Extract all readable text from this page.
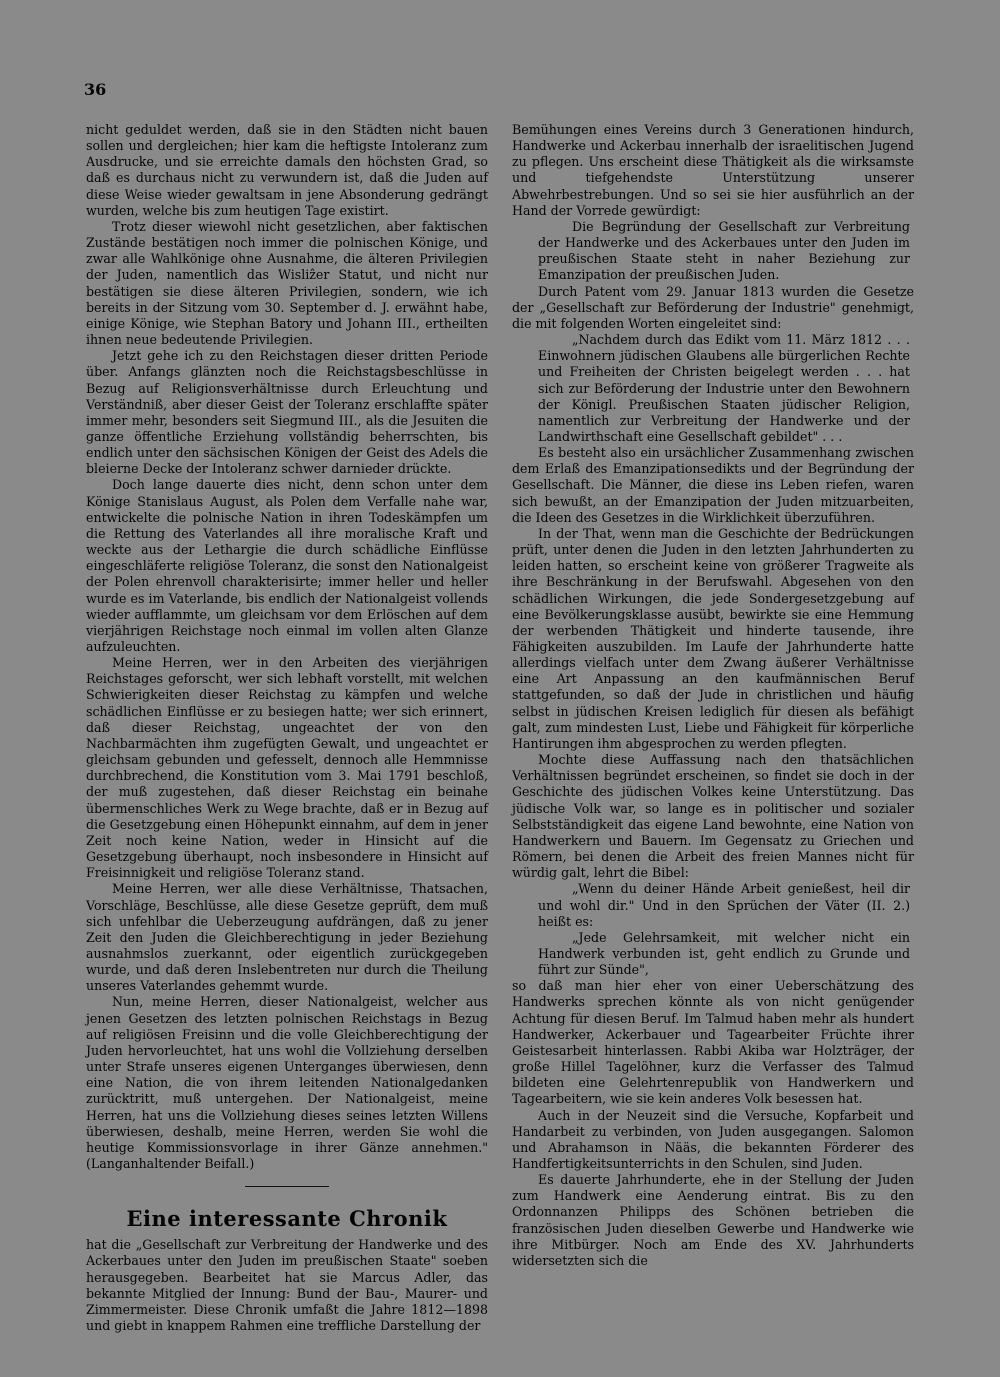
36

nicht geduldet werden, daß sie in den Städten nicht bauen sollen und dergleichen; hier kam die heftigste Intoleranz zum Ausdrucke, und sie erreichte damals den höchsten Grad, so daß es durchaus nicht zu verwundern ist, daß die Juden auf diese Weise wieder gewaltsam in jene Absonderung gedrängt wurden, welche bis zum heutigen Tage existirt.

Trotz dieser wiewohl nicht gesetzlichen, aber faktischen Zustände bestätigen noch immer die polnischen Könige, und zwar alle Wahlkönige ohne Ausnahme, die älteren Privilegien der Juden, namentlich das Wisliẑer Statut, und nicht nur bestätigen sie diese älteren Privilegien, sondern, wie ich bereits in der Sitzung vom 30. September d. J. erwähnt habe, einige Könige, wie Stephan Batory und Johann III., ertheilten ihnen neue bedeutende Privilegien.

Jetzt gehe ich zu den Reichstagen dieser dritten Periode über. Anfangs glänzten noch die Reichstagsbeschlüsse in Bezug auf Religionsverhältnisse durch Erleuchtung und Verständniß, aber dieser Geist der Toleranz erschlaffte später immer mehr, besonders seit Siegmund III., als die Jesuiten die ganze öffentliche Erziehung vollständig beherrschten, bis endlich unter den sächsischen Königen der Geist des Adels die bleierne Decke der Intoleranz schwer darnieder drückte.

Doch lange dauerte dies nicht, denn schon unter dem Könige Stanislaus August, als Polen dem Verfalle nahe war, entwickelte die polnische Nation in ihren Todeskämpfen um die Rettung des Vaterlandes all ihre moralische Kraft und weckte aus der Lethargie die durch schädliche Einflüsse eingeschläferte religiöse Toleranz, die sonst den Nationalgeist der Polen ehrenvoll charakterisirte; immer heller und heller wurde es im Vaterlande, bis endlich der Nationalgeist vollends wieder aufflammte, um gleichsam vor dem Erlöschen auf dem vierjährigen Reichstage noch einmal im vollen alten Glanze aufzuleuchten.

Meine Herren, wer in den Arbeiten des vierjährigen Reichstages geforscht, wer sich lebhaft vorstellt, mit welchen Schwierigkeiten dieser Reichstag zu kämpfen und welche schädlichen Einflüsse er zu besiegen hatte; wer sich erinnert, daß dieser Reichstag, ungeachtet der von den Nachbarmächten ihm zugefügten Gewalt, und ungeachtet er gleichsam gebunden und gefesselt, dennoch alle Hemmnisse durchbrechend, die Konstitution vom 3. Mai 1791 beschloß, der muß zugestehen, daß dieser Reichstag ein beinahe übermenschliches Werk zu Wege brachte, daß er in Bezug auf die Gesetzgebung einen Höhepunkt einnahm, auf dem in jener Zeit noch keine Nation, weder in Hinsicht auf die Gesetzgebung überhaupt, noch insbesondere in Hinsicht auf Freisinnigkeit und religiöse Toleranz stand.

Meine Herren, wer alle diese Verhältnisse, Thatsachen, Vorschläge, Beschlüsse, alle diese Gesetze geprüft, dem muß sich unfehlbar die Ueberzeugung aufdrängen, daß zu jener Zeit den Juden die Gleichberechtigung in jeder Beziehung ausnahmslos zuerkannt, oder eigentlich zurückgegeben wurde, und daß deren Inslebentreten nur durch die Theilung unseres Vaterlandes gehemmt wurde.

Nun, meine Herren, dieser Nationalgeist, welcher aus jenen Gesetzen des letzten polnischen Reichstags in Bezug auf religiösen Freisinn und die volle Gleichberechtigung der Juden hervorleuchtet, hat uns wohl die Vollziehung derselben unter Strafe unseres eigenen Unterganges überwiesen, denn eine Nation, die von ihrem leitenden Nationalgedanken zurücktritt, muß untergehen. Der Nationalgeist, meine Herren, hat uns die Vollziehung dieses seines letzten Willens überwiesen, deshalb, meine Herren, werden Sie wohl die heutige Kommissionsvorlage in ihrer Gänze annehmen." (Langanhaltender Beifall.)

Eine interessante Chronik

hat die „Gesellschaft zur Verbreitung der Handwerke und des Ackerbaues unter den Juden im preußischen Staate" soeben herausgegeben. Bearbeitet hat sie Marcus Adler, das bekannte Mitglied der Innung: Bund der Bau-, Maurer- und Zimmermeister. Diese Chronik umfaßt die Jahre 1812—1898 und giebt in knappem Rahmen eine treffliche Darstellung der

Bemühungen eines Vereins durch 3 Generationen hindurch, Handwerke und Ackerbau innerhalb der israelitischen Jugend zu pflegen. Uns erscheint diese Thätigkeit als die wirksamste und tiefgehendste Unterstützung unserer Abwehrbestrebungen. Und so sei sie hier ausführlich an der Hand der Vorrede gewürdigt:

Die Begründung der Gesellschaft zur Verbreitung der Handwerke und des Ackerbaues unter den Juden im preußischen Staate steht in naher Beziehung zur Emanzipation der preußischen Juden.

Durch Patent vom 29. Januar 1813 wurden die Gesetze der „Gesellschaft zur Beförderung der Industrie" genehmigt, die mit folgenden Worten eingeleitet sind:

„Nachdem durch das Edikt vom 11. März 1812 . . . Einwohnern jüdischen Glaubens alle bürgerlichen Rechte und Freiheiten der Christen beigelegt werden . . . hat sich zur Beförderung der Industrie unter den Bewohnern der Königl. Preußischen Staaten jüdischer Religion, namentlich zur Verbreitung der Handwerke und der Landwirthschaft eine Gesellschaft gebildet" . . .

Es besteht also ein ursächlicher Zusammenhang zwischen dem Erlaß des Emanzipationsedikts und der Begründung der Gesellschaft. Die Männer, die diese ins Leben riefen, waren sich bewußt, an der Emanzipation der Juden mitzuarbeiten, die Ideen des Gesetzes in die Wirklichkeit überzuführen.

In der That, wenn man die Geschichte der Bedrückungen prüft, unter denen die Juden in den letzten Jahrhunderten zu leiden hatten, so erscheint keine von größerer Tragweite als ihre Beschränkung in der Berufswahl. Abgesehen von den schädlichen Wirkungen, die jede Sondergesetzgebung auf eine Bevölkerungsklasse ausübt, bewirkte sie eine Hemmung der werbenden Thätigkeit und hinderte tausende, ihre Fähigkeiten auszubilden. Im Laufe der Jahrhunderte hatte allerdings vielfach unter dem Zwang äußerer Verhältnisse eine Art Anpassung an den kaufmännischen Beruf stattgefunden, so daß der Jude in christlichen und häufig selbst in jüdischen Kreisen lediglich für diesen als befähigt galt, zum mindesten Lust, Liebe und Fähigkeit für körperliche Hantirungen ihm abgesprochen zu werden pflegten.

Mochte diese Auffassung nach den thatsächlichen Verhältnissen begründet erscheinen, so findet sie doch in der Geschichte des jüdischen Volkes keine Unterstützung. Das jüdische Volk war, so lange es in politischer und sozialer Selbstständigkeit das eigene Land bewohnte, eine Nation von Handwerkern und Bauern. Im Gegensatz zu Griechen und Römern, bei denen die Arbeit des freien Mannes nicht für würdig galt, lehrt die Bibel:

„Wenn du deiner Hände Arbeit genießest, heil dir und wohl dir." Und in den Sprüchen der Väter (II. 2.) heißt es:

„Jede Gelehrsamkeit, mit welcher nicht ein Handwerk verbunden ist, geht endlich zu Grunde und führt zur Sünde",

so daß man hier eher von einer Ueberschätzung des Handwerks sprechen könnte als von nicht genügender Achtung für diesen Beruf. Im Talmud haben mehr als hundert Handwerker, Ackerbauer und Tagearbeiter Früchte ihrer Geistesarbeit hinterlassen. Rabbi Akiba war Holzträger, der große Hillel Tagelöhner, kurz die Verfasser des Talmud bildeten eine Gelehrtenrepublik von Handwerkern und Tagearbeitern, wie sie kein anderes Volk besessen hat.

Auch in der Neuzeit sind die Versuche, Kopfarbeit und Handarbeit zu verbinden, von Juden ausgegangen. Salomon und Abrahamson in Nääs, die bekannten Förderer des Handfertigkeitsunterrichts in den Schulen, sind Juden.

Es dauerte Jahrhunderte, ehe in der Stellung der Juden zum Handwerk eine Aenderung eintrat. Bis zu den Ordonnanzen Philipps des Schönen betrieben die französischen Juden dieselben Gewerbe und Handwerke wie ihre Mitbürger. Noch am Ende des XV. Jahrhunderts widersetzten sich die
